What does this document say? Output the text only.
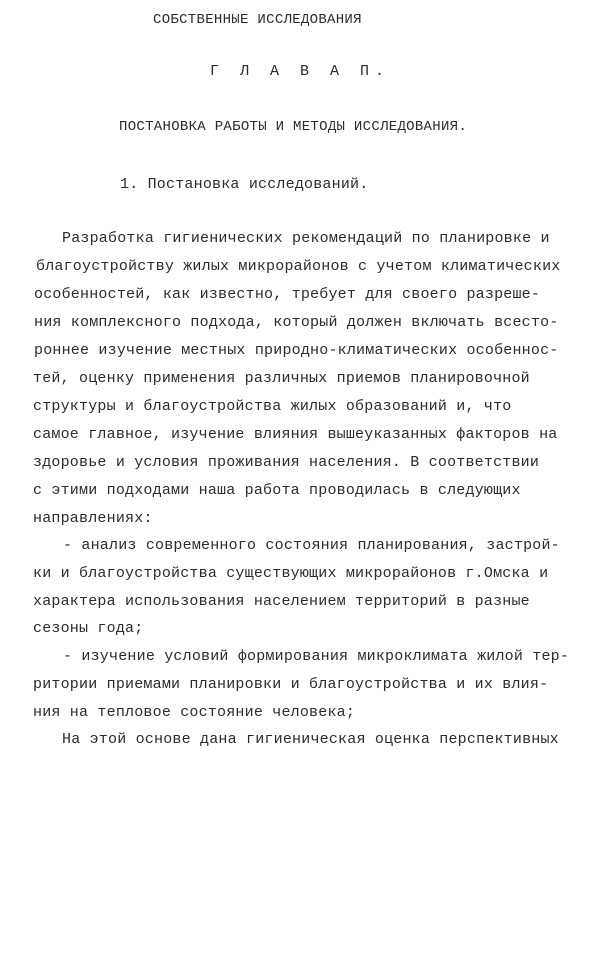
СОБСТВЕННЫЕ ИССЛЕДОВАНИЯ
Г Л А В А П.
ПОСТАНОВКА РАБОТЫ И МЕТОДЫ ИССЛЕДОВАНИЯ.
1. Постановка исследований.
Разработка гигиенических рекомендаций по планировке и
благоустройству жилых микрорайонов с учетом климатических
особенностей, как известно, требует для своего разреше-
ния комплексного подхода, который должен включать всесто-
роннее изучение местных природно-климатических особеннос-
тей, оценку применения различных приемов планировочной
структуры и благоустройства жилых образований и, что
самое главное, изучение влияния вышеуказанных факторов на
здоровье и условия проживания населения. В соответствии
с этими подходами наша работа проводилась в следующих
направлениях:
- анализ современного состояния планирования, застрой-
ки и благоустройства существующих микрорайонов г.Омска и
характера использования населением территорий в разные
сезоны года;
- изучение условий формирования микроклимата жилой тер-
ритории приемами планировки и благоустройства и их влия-
ния на тепловое состояние человека;
На этой основе дана гигиеническая оценка перспективных
